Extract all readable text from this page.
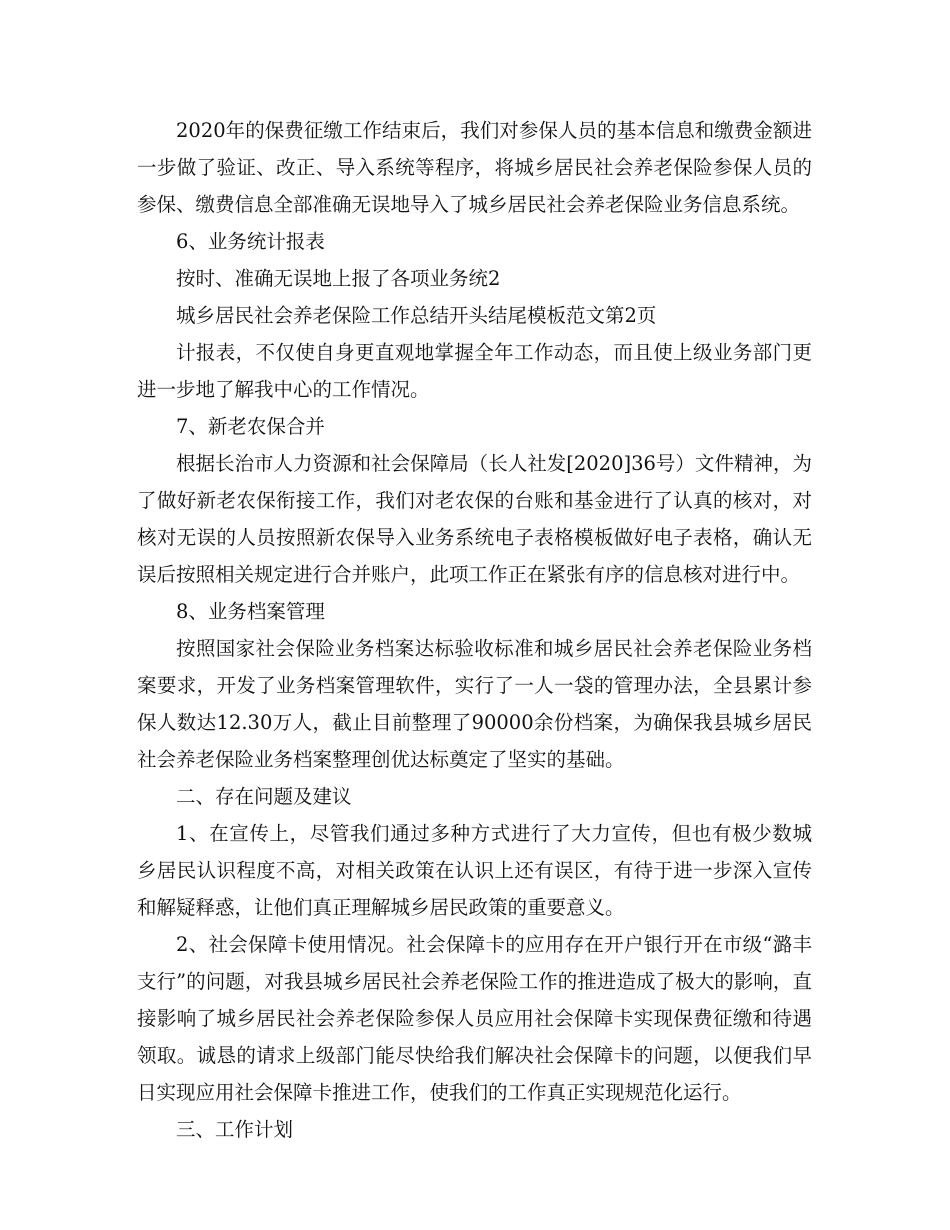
2020年的保费征缴工作结束后，我们对参保人员的基本信息和缴费金额进一步做了验证、改正、导入系统等程序，将城乡居民社会养老保险参保人员的参保、缴费信息全部准确无误地导入了城乡居民社会养老保险业务信息系统。

6、业务统计报表

按时、准确无误地上报了各项业务统2

城乡居民社会养老保险工作总结开头结尾模板范文第2页

计报表，不仅使自身更直观地掌握全年工作动态，而且使上级业务部门更进一步地了解我中心的工作情况。

7、新老农保合并

根据长治市人力资源和社会保障局（长人社发[2020]36号）文件精神，为了做好新老农保衔接工作，我们对老农保的台账和基金进行了认真的核对，对核对无误的人员按照新农保导入业务系统电子表格模板做好电子表格，确认无误后按照相关规定进行合并账户，此项工作正在紧张有序的信息核对进行中。

8、业务档案管理

按照国家社会保险业务档案达标验收标准和城乡居民社会养老保险业务档案要求，开发了业务档案管理软件，实行了一人一袋的管理办法，全县累计参保人数达12.30万人，截止目前整理了90000余份档案，为确保我县城乡居民社会养老保险业务档案整理创优达标奠定了坚实的基础。

二、存在问题及建议

1、在宣传上，尽管我们通过多种方式进行了大力宣传，但也有极少数城乡居民认识程度不高，对相关政策在认识上还有误区，有待于进一步深入宣传和解疑释惑，让他们真正理解城乡居民政策的重要意义。

2、社会保障卡使用情况。社会保障卡的应用存在开户银行开在市级“潞丰支行”的问题，对我县城乡居民社会养老保险工作的推进造成了极大的影响，直接影响了城乡居民社会养老保险参保人员应用社会保障卡实现保费征缴和待遇领取。诚恳的请求上级部门能尽快给我们解决社会保障卡的问题，以便我们早日实现应用社会保障卡推进工作，使我们的工作真正实现规范化运行。

三、工作计划
